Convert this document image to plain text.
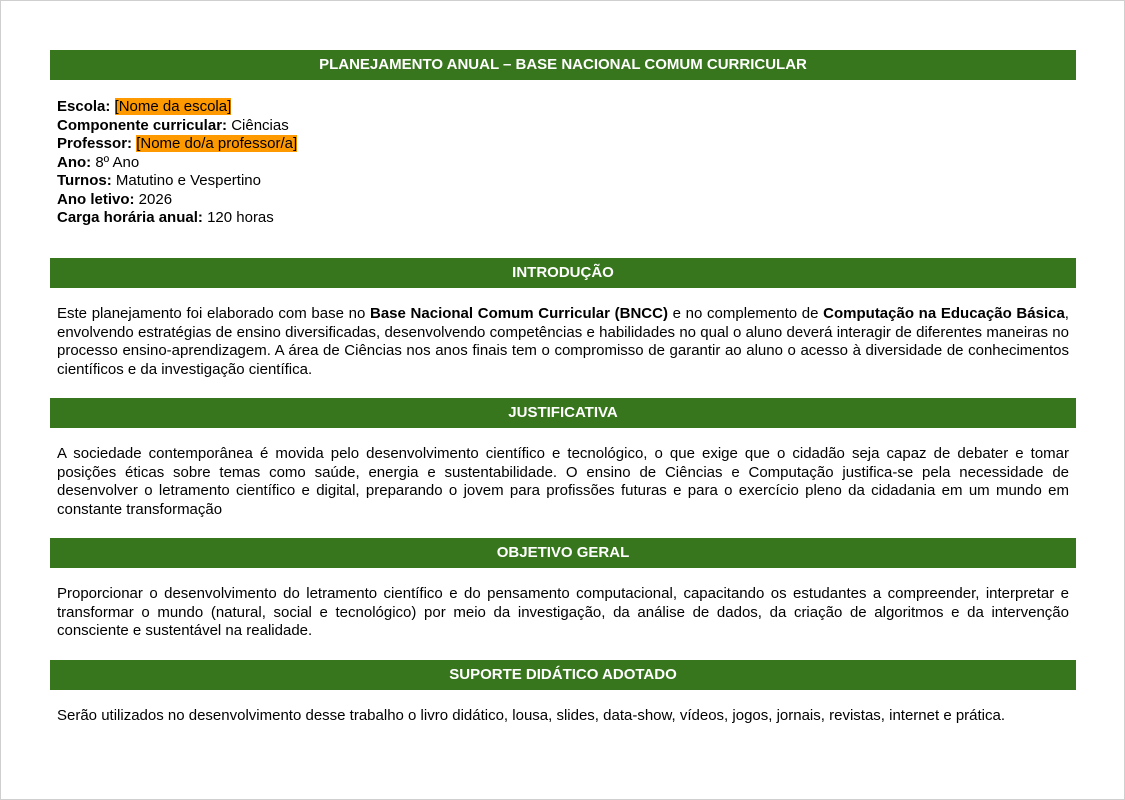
PLANEJAMENTO ANUAL – BASE NACIONAL COMUM CURRICULAR
Escola: [Nome da escola]
Componente curricular: Ciências
Professor: [Nome do/a professor/a]
Ano: 8º Ano
Turnos: Matutino e Vespertino
Ano letivo: 2026
Carga horária anual: 120 horas
INTRODUÇÃO
Este planejamento foi elaborado com base no Base Nacional Comum Curricular (BNCC) e no complemento de Computação na Educação Básica, envolvendo estratégias de ensino diversificadas, desenvolvendo competências e habilidades no qual o aluno deverá interagir de diferentes maneiras no processo ensino-aprendizagem. A área de Ciências nos anos finais tem o compromisso de garantir ao aluno o acesso à diversidade de conhecimentos científicos e da investigação científica.
JUSTIFICATIVA
A sociedade contemporânea é movida pelo desenvolvimento científico e tecnológico, o que exige que o cidadão seja capaz de debater e tomar posições éticas sobre temas como saúde, energia e sustentabilidade. O ensino de Ciências e Computação justifica-se pela necessidade de desenvolver o letramento científico e digital, preparando o jovem para profissões futuras e para o exercício pleno da cidadania em um mundo em constante transformação
OBJETIVO GERAL
Proporcionar o desenvolvimento do letramento científico e do pensamento computacional, capacitando os estudantes a compreender, interpretar e transformar o mundo (natural, social e tecnológico) por meio da investigação, da análise de dados, da criação de algoritmos e da intervenção consciente e sustentável na realidade.
SUPORTE DIDÁTICO ADOTADO
Serão utilizados no desenvolvimento desse trabalho o livro didático, lousa, slides, data-show, vídeos, jogos, jornais, revistas, internet e prática.
